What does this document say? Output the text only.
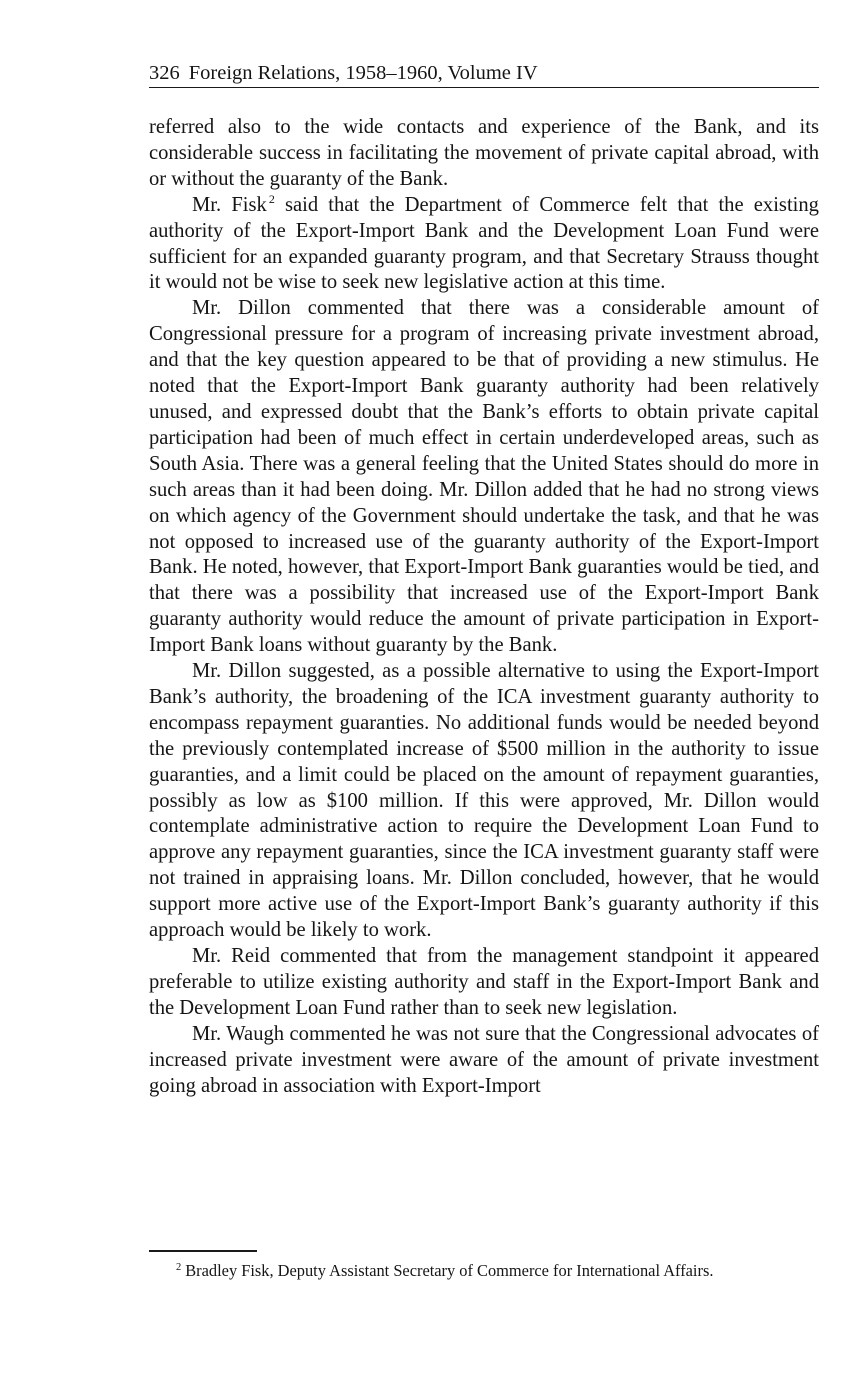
326 Foreign Relations, 1958–1960, Volume IV

referred also to the wide contacts and experience of the Bank, and its considerable success in facilitating the movement of private capital abroad, with or without the guaranty of the Bank.

Mr. Fisk $^2$ said that the Department of Commerce felt that the existing authority of the Export-Import Bank and the Development Loan Fund were sufficient for an expanded guaranty program, and that Secretary Strauss thought it would not be wise to seek new legislative action at this time.

Mr. Dillon commented that there was a considerable amount of Congressional pressure for a program of increasing private investment abroad, and that the key question appeared to be that of providing a new stimulus. He noted that the Export-Import Bank guaranty authority had been relatively unused, and expressed doubt that the Bank’s efforts to obtain private capital participation had been of much effect in certain underdeveloped areas, such as South Asia. There was a general feeling that the United States should do more in such areas than it had been doing. Mr. Dillon added that he had no strong views on which agency of the Government should undertake the task, and that he was not opposed to increased use of the guaranty authority of the Export-Import Bank. He noted, however, that Export-Import Bank guaranties would be tied, and that there was a possibility that increased use of the Export-Import Bank guaranty authority would reduce the amount of private participation in Export-Import Bank loans without guaranty by the Bank.

Mr. Dillon suggested, as a possible alternative to using the Export-Import Bank’s authority, the broadening of the ICA investment guaranty authority to encompass repayment guaranties. No additional funds would be needed beyond the previously contemplated increase of $500 million in the authority to issue guaranties, and a limit could be placed on the amount of repayment guaranties, possibly as low as $100 million. If this were approved, Mr. Dillon would contemplate administrative action to require the Development Loan Fund to approve any repayment guaranties, since the ICA investment guaranty staff were not trained in appraising loans. Mr. Dillon concluded, however, that he would support more active use of the Export-Import Bank’s guaranty authority if this approach would be likely to work.

Mr. Reid commented that from the management standpoint it appeared preferable to utilize existing authority and staff in the Export-Import Bank and the Development Loan Fund rather than to seek new legislation.

Mr. Waugh commented he was not sure that the Congressional advocates of increased private investment were aware of the amount of private investment going abroad in association with Export-Import

$^2$ Bradley Fisk, Deputy Assistant Secretary of Commerce for International Affairs.
